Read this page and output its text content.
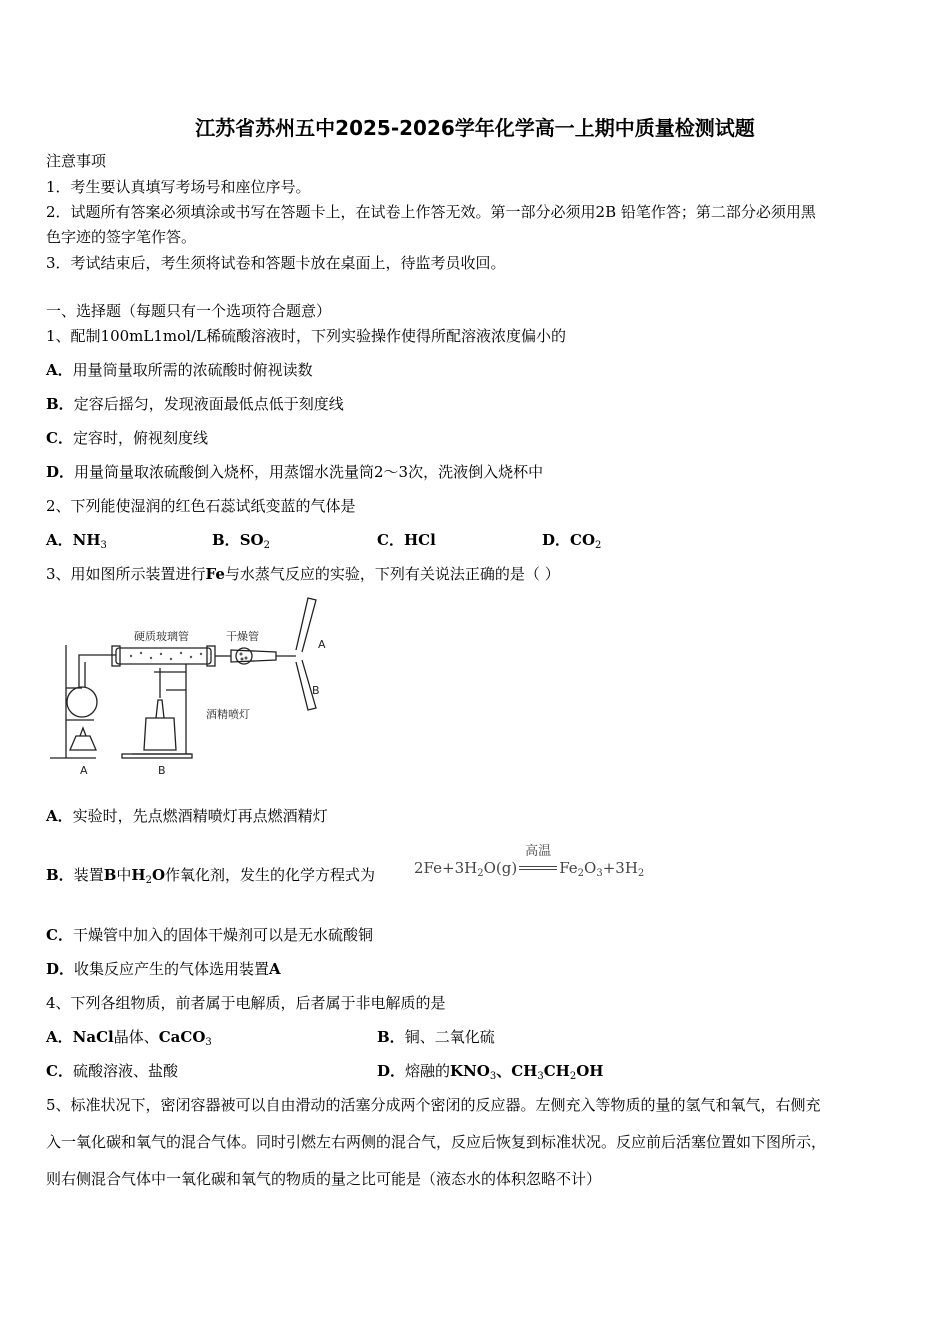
江苏省苏州五中2025-2026学年化学高一上期中质量检测试题
注意事项
1．考生要认真填写考场号和座位序号。
2．试题所有答案必须填涂或书写在答题卡上，在试卷上作答无效。第一部分必须用2B 铅笔作答；第二部分必须用黑
色字迹的签字笔作答。
3．考试结束后，考生须将试卷和答题卡放在桌面上，待监考员收回。
一、选择题（每题只有一个选项符合题意）
1、配制100mL1mol/L稀硫酸溶液时，下列实验操作使得所配溶液浓度偏小的
A．用量筒量取所需的浓硫酸时俯视读数
B．定容后摇匀，发现液面最低点低于刻度线
C．定容时，俯视刻度线
D．用量筒量取浓硫酸倒入烧杯，用蒸馏水洗量筒2～3次，洗液倒入烧杯中
2、下列能使湿润的红色石蕊试纸变蓝的气体是
A．$NH_3$	B．$SO_2$	C．HCl	D．$CO_2$
3、用如图所示装置进行Fe与水蒸气反应的实验，下列有关说法正确的是（ ）
硬质玻璃管	干燥管
酒精喷灯
A	B
A
B
A．实验时，先点燃酒精喷灯再点燃酒精灯
B．装置B中$H_2O$作氧化剂，发生的化学方程式为	$2Fe+3H_2O(g)$
高温
$Fe_2O_3+3H_2$
C．干燥管中加入的固体干燥剂可以是无水硫酸铜
D．收集反应产生的气体选用装置A
4、下列各组物质，前者属于电解质，后者属于非电解质的是
A．NaCl晶体、CaCO$_3$	B．铜、二氧化硫
C．硫酸溶液、盐酸	D．熔融的$KNO_3$、$CH_3CH_2OH$
5、标准状况下，密闭容器被可以自由滑动的活塞分成两个密闭的反应器。左侧充入等物质的量的氢气和氧气，右侧充
入一氧化碳和氧气的混合气体。同时引燃左右两侧的混合气，反应后恢复到标准状况。反应前后活塞位置如下图所示，
则右侧混合气体中一氧化碳和氧气的物质的量之比可能是（液态水的体积忽略不计）
